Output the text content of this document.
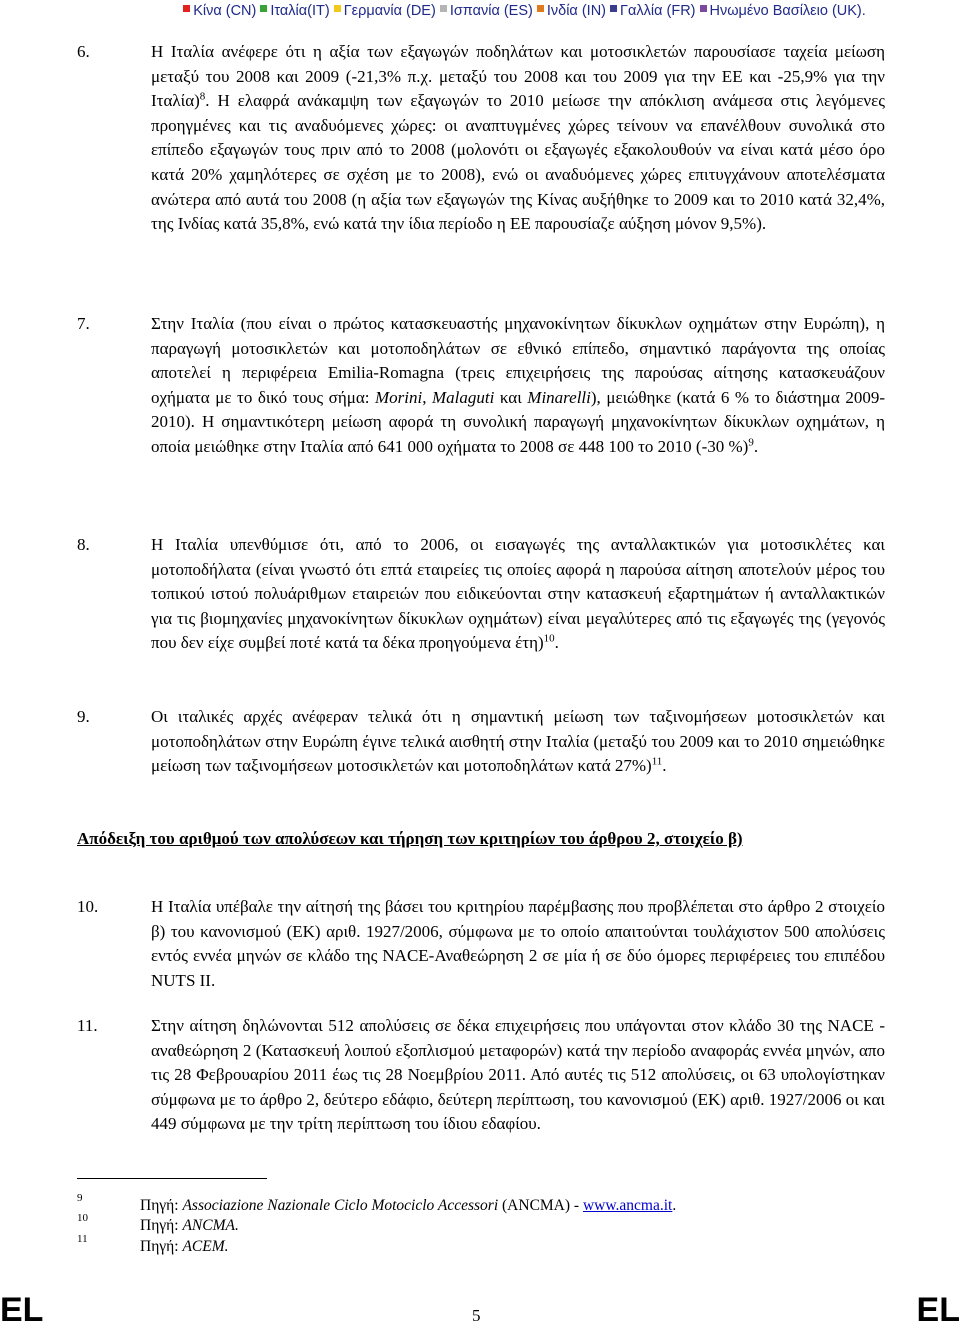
Κίνα (CN) Ιταλία(IT) Γερμανία (DE) Ισπανία (ES) Ινδία (IN) Γαλλία (FR) Ηνωμένο Βασίλειο (UK).
6.	Η Ιταλία ανέφερε ότι η αξία των εξαγωγών ποδηλάτων και μοτοσικλετών παρουσίασε ταχεία μείωση μεταξύ του 2008 και 2009 (-21,3% π.χ. μεταξύ του 2008 και του 2009 για την ΕΕ και -25,9% για την Ιταλία)$^8$. Η ελαφρά ανάκαμψη των εξαγωγών το 2010 μείωσε την απόκλιση ανάμεσα στις λεγόμενες προηγμένες και τις αναδυόμενες χώρες: οι αναπτυγμένες χώρες τείνουν να επανέλθουν συνολικά στο επίπεδο εξαγωγών τους πριν από το 2008 (μολονότι οι εξαγωγές εξακολουθούν να είναι κατά μέσο όρο κατά 20% χαμηλότερες σε σχέση με το 2008), ενώ οι αναδυόμενες χώρες επιτυγχάνουν αποτελέσματα ανώτερα από αυτά του 2008 (η αξία των εξαγωγών της Κίνας αυξήθηκε το 2009 και το 2010 κατά 32,4%, της Ινδίας κατά 35,8%, ενώ κατά την ίδια περίοδο η ΕΕ παρουσίαζε αύξηση μόνον 9,5%).
7.	Στην Ιταλία (που είναι ο πρώτος κατασκευαστής μηχανοκίνητων δίκυκλων οχημάτων στην Ευρώπη), η παραγωγή μοτοσικλετών και μοτοποδηλάτων σε εθνικό επίπεδο, σημαντικό παράγοντα της οποίας αποτελεί η περιφέρεια Emilia-Romagna (τρεις επιχειρήσεις της παρούσας αίτησης κατασκευάζουν οχήματα με το δικό τους σήμα: Morini, Malaguti και Minarelli), μειώθηκε (κατά 6 % το διάστημα 2009-2010). Η σημαντικότερη μείωση αφορά τη συνολική παραγωγή μηχανοκίνητων δίκυκλων οχημάτων, η οποία μειώθηκε στην Ιταλία από 641 000 οχήματα το 2008 σε 448 100 το 2010 (-30 %)$^9$.
8.	Η Ιταλία υπενθύμισε ότι, από το 2006, οι εισαγωγές της ανταλλακτικών για μοτοσικλέτες και μοτοποδήλατα (είναι γνωστό ότι επτά εταιρείες τις οποίες αφορά η παρούσα αίτηση αποτελούν μέρος του τοπικού ιστού πολυάριθμων εταιρειών που ειδικεύονται στην κατασκευή εξαρτημάτων ή ανταλλακτικών για τις βιομηχανίες μηχανοκίνητων δίκυκλων οχημάτων) είναι μεγαλύτερες από τις εξαγωγές της (γεγονός που δεν είχε συμβεί ποτέ κατά τα δέκα προηγούμενα έτη)$^{10}$.
9.	Οι ιταλικές αρχές ανέφεραν τελικά ότι η σημαντική μείωση των ταξινομήσεων μοτοσικλετών και μοτοποδηλάτων στην Ευρώπη έγινε τελικά αισθητή στην Ιταλία (μεταξύ του 2009 και το 2010 σημειώθηκε μείωση των ταξινομήσεων μοτοσικλετών και μοτοποδηλάτων κατά 27%)$^{11}$.
10.	Η Ιταλία υπέβαλε την αίτησή της βάσει του κριτηρίου παρέμβασης που προβλέπεται στο άρθρο 2 στοιχείο β) του κανονισμού (ΕΚ) αριθ. 1927/2006, σύμφωνα με το οποίο απαιτούνται τουλάχιστον 500 απολύσεις εντός εννέα μηνών σε κλάδο της NACE-Αναθεώρηση 2 σε μία ή σε δύο όμορες περιφέρειες του επιπέδου NUTS II.
11.	Στην αίτηση δηλώνονται 512 απολύσεις σε δέκα επιχειρήσεις που υπάγονται στον κλάδο 30 της NACE - αναθεώρηση 2 (Κατασκευή λοιπού εξοπλισμού μεταφορών) κατά την περίοδο αναφοράς εννέα μηνών, απο τις 28 Φεβρουαρίου 2011 έως τις 28 Νοεμβρίου 2011. Από αυτές τις 512 απολύσεις, οι 63 υπολογίστηκαν σύμφωνα με το άρθρο 2, δεύτερο εδάφιο, δεύτερη περίπτωση, του κανονισμού (ΕΚ) αριθ. 1927/2006 οι και 449 σύμφωνα με την τρίτη περίπτωση του ίδιου εδαφίου.
Απόδειξη του αριθμού των απολύσεων και τήρηση των κριτηρίων του άρθρου 2, στοιχείο β)
9	Πηγή: Associazione Nazionale Ciclo Motociclo Accessori (ANCMA) - www.ancma.it.
10	Πηγή: ANCMA.
11	Πηγή: ACEM.
EL	5	EL
